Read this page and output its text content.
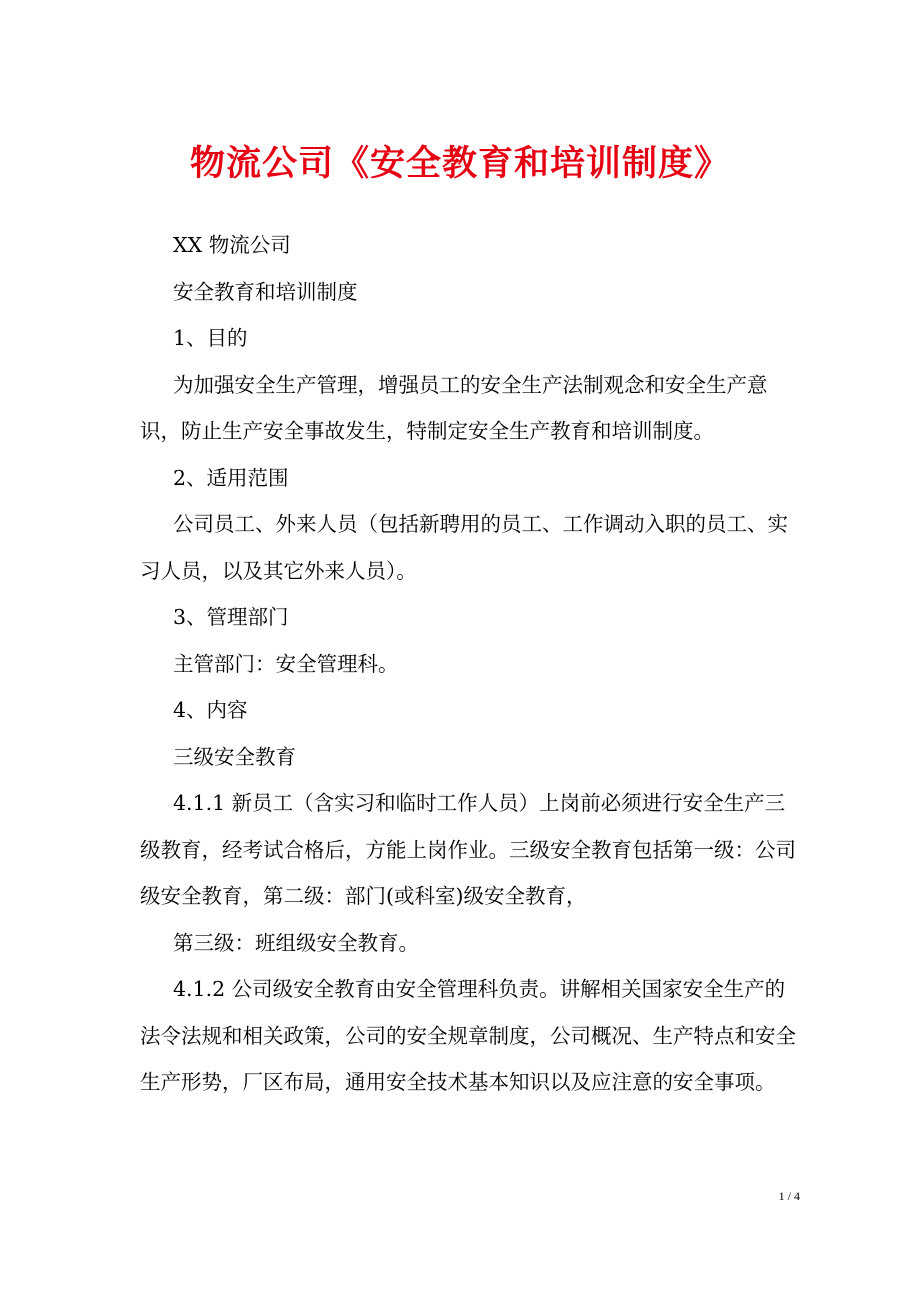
物流公司《安全教育和培训制度》

XX 物流公司

安全教育和培训制度

1、目的

为加强安全生产管理，增强员工的安全生产法制观念和安全生产意识，防止生产安全事故发生，特制定安全生产教育和培训制度。

2、适用范围

公司员工、外来人员（包括新聘用的员工、工作调动入职的员工、实习人员，以及其它外来人员）。

3、管理部门

主管部门：安全管理科。

4、内容

三级安全教育

4.1.1 新员工（含实习和临时工作人员）上岗前必须进行安全生产三级教育，经考试合格后，方能上岗作业。三级安全教育包括第一级：公司级安全教育，第二级：部门(或科室)级安全教育，

第三级：班组级安全教育。

4.1.2 公司级安全教育由安全管理科负责。讲解相关国家安全生产的法令法规和相关政策，公司的安全规章制度，公司概况、生产特点和安全生产形势，厂区布局，通用安全技术基本知识以及应注意的安全事项。

1 / 4
